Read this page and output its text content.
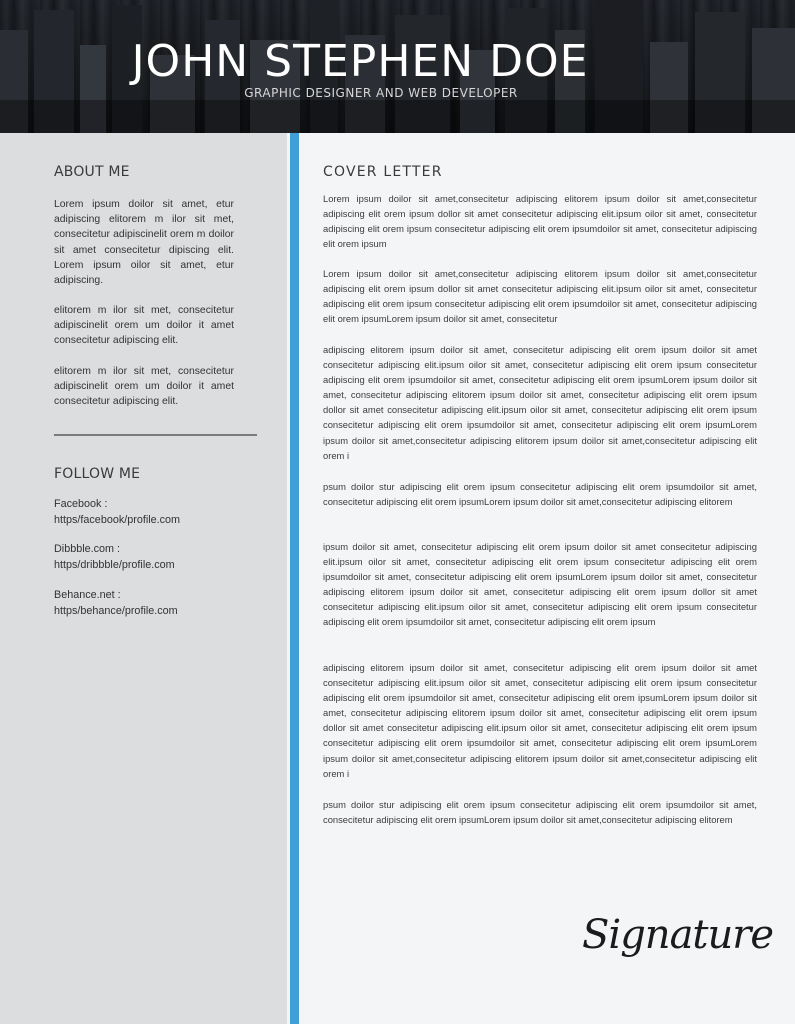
JOHN STEPHEN DOE
GRAPHIC DESIGNER AND WEB DEVELOPER
ABOUT ME
Lorem ipsum doilor sit amet, etur adipiscing elitorem m ilor sit met, consecitetur adipiscinelit orem m doilor sit amet consecitetur dipiscing elit. Lorem ipsum oilor sit amet, etur adipiscing.
elitorem m ilor sit met, consecitetur adipiscinelit orem um doilor it amet consecitetur adipiscing elit.
elitorem m ilor sit met, consecitetur adipiscinelit orem um doilor it amet consecitetur adipiscing elit.
FOLLOW ME
Facebook :
https/facebook/profile.com
Dibbble.com :
https/dribbble/profile.com
Behance.net :
https/behance/profile.com
COVER LETTER
Lorem ipsum doilor sit amet,consecitetur adipiscing elitorem ipsum doilor sit amet,consecitetur adipiscing elit orem ipsum dollor sit amet consecitetur adipiscing elit.ipsum oilor sit amet, consecitetur adipiscing elit orem ipsum consecitetur adipiscing elit orem ipsumdoilor sit amet, consecitetur adipiscing elit orem ipsum
Lorem ipsum doilor sit amet,consecitetur adipiscing elitorem ipsum doilor sit amet,consecitetur adipiscing elit orem ipsum dollor sit amet consecitetur adipiscing elit.ipsum oilor sit amet, consecitetur adipiscing elit orem ipsum consecitetur adipiscing elit orem ipsumdoilor sit amet, consecitetur adipiscing elit orem ipsumLorem ipsum doilor sit amet, consecitetur
adipiscing elitorem ipsum doilor sit amet, consecitetur adipiscing elit orem ipsum doilor sit amet consecitetur adipiscing elit.ipsum oilor sit amet, consecitetur adipiscing elit orem ipsum consecitetur adipiscing elit orem ipsumdoilor sit amet, consecitetur adipiscing elit orem ipsumLorem ipsum doilor sit amet, consecitetur adipiscing elitorem ipsum doilor sit amet, consecitetur adipiscing elit orem ipsum dollor sit amet consecitetur adipiscing elit.ipsum oilor sit amet, consecitetur adipiscing elit orem ipsum consecitetur adipiscing elit orem ipsumdoilor sit amet, consecitetur adipiscing elit orem ipsumLorem ipsum doilor sit amet,consecitetur adipiscing elitorem ipsum doilor sit amet,consecitetur adipiscing elit orem i
psum doilor stur adipiscing elit orem ipsum consecitetur adipiscing elit orem ipsumdoilor sit amet, consecitetur adipiscing elit orem ipsumLorem ipsum doilor sit amet,consecitetur adipiscing elitorem
ipsum doilor sit amet, consecitetur adipiscing elit orem ipsum doilor sit amet consecitetur adipiscing elit.ipsum oilor sit amet, consecitetur adipiscing elit orem ipsum consecitetur adipiscing elit orem ipsumdoilor sit amet, consecitetur adipiscing elit orem ipsumLorem ipsum doilor sit amet, consecitetur adipiscing elitorem ipsum doilor sit amet, consecitetur adipiscing elit orem ipsum dollor sit amet consecitetur adipiscing elit.ipsum oilor sit amet, consecitetur adipiscing elit orem ipsum consecitetur adipiscing elit orem ipsumdoilor sit amet, consecitetur adipiscing elit orem ipsum
adipiscing elitorem ipsum doilor sit amet, consecitetur adipiscing elit orem ipsum doilor sit amet consecitetur adipiscing elit.ipsum oilor sit amet, consecitetur adipiscing elit orem ipsum consecitetur adipiscing elit orem ipsumdoilor sit amet, consecitetur adipiscing elit orem ipsumLorem ipsum doilor sit amet, consecitetur adipiscing elitorem ipsum doilor sit amet, consecitetur adipiscing elit orem ipsum dollor sit amet consecitetur adipiscing elit.ipsum oilor sit amet, consecitetur adipiscing elit orem ipsum consecitetur adipiscing elit orem ipsumdoilor sit amet, consecitetur adipiscing elit orem ipsumLorem ipsum doilor sit amet,consecitetur adipiscing elitorem ipsum doilor sit amet,consecitetur adipiscing elit orem i
psum doilor stur adipiscing elit orem ipsum consecitetur adipiscing elit orem ipsumdoilor sit amet, consecitetur adipiscing elit orem ipsumLorem ipsum doilor sit amet,consecitetur adipiscing elitorem
Signature
